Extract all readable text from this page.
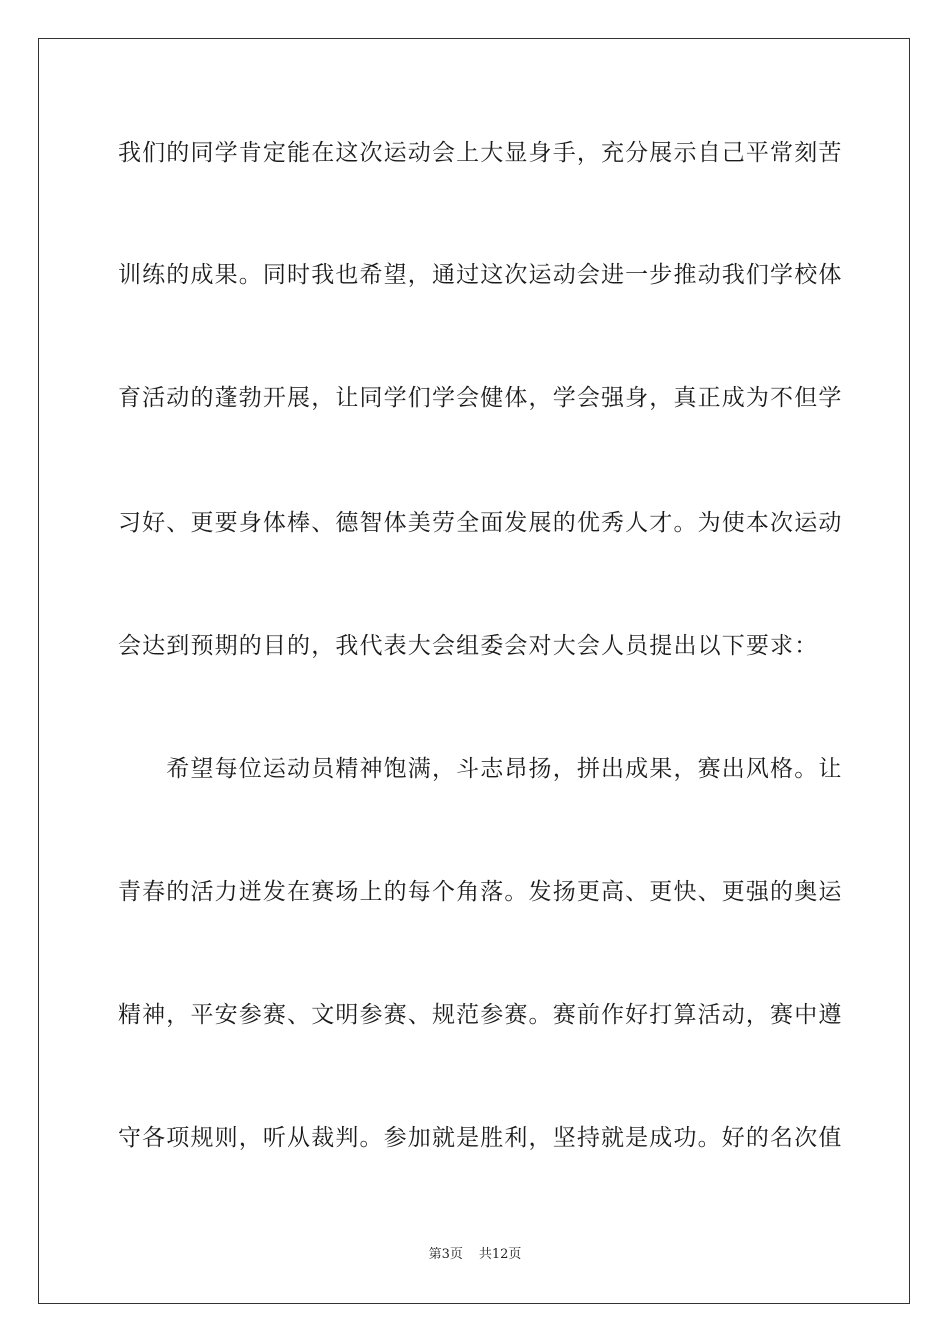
我们的同学肯定能在这次运动会上大显身手，充分展示自己平常刻苦
训练的成果。同时我也希望，通过这次运动会进一步推动我们学校体
育活动的蓬勃开展，让同学们学会健体，学会强身，真正成为不但学
习好、更要身体棒、德智体美劳全面发展的优秀人才。为使本次运动
会达到预期的目的，我代表大会组委会对大会人员提出以下要求：
　　希望每位运动员精神饱满，斗志昂扬，拼出成果，赛出风格。让
青春的活力迸发在赛场上的每个角落。发扬更高、更快、更强的奥运
精神，平安参赛、文明参赛、规范参赛。赛前作好打算活动，赛中遵
守各项规则，听从裁判。参加就是胜利，坚持就是成功。好的名次值
第3页 共12页
